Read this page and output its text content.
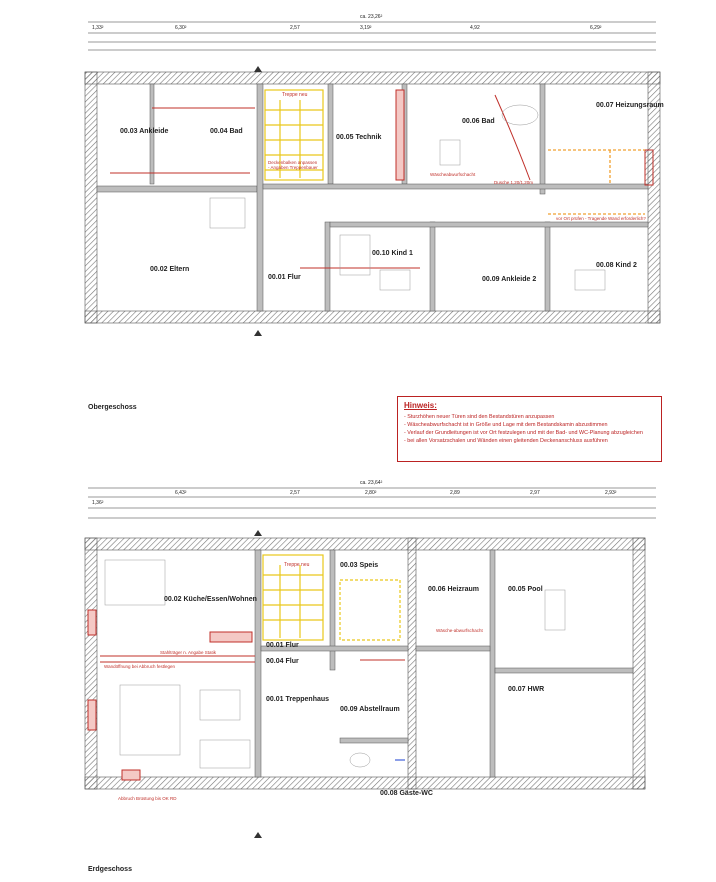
00.03 Ankleide	00.04 Bad
00.05 Technik
00.06 Bad
00.07 Heizungsraum
00.02 Eltern
00.01 Flur
00.10 Kind 1
00.09 Ankleide 2
00.08 Kind 2
00.02 Küche/Essen/Wohnen
00.01 Flur
00.03 Speis
00.06 Heizraum	00.05 Pool
00.07 HWR
00.04 Flur
00.01 Treppenhaus
00.09 Abstellraum
00.08 Gäste-WC
Treppe neu
Deckenbalken anpassen - Angaben Treppenbauer
Wäscheabwurfschacht
Dusche 1,20/1,20m
vor Ort prüfen - Tragende Wand erforderlich?
Treppe neu
Wandöffnung bei Abbruch festlegen
Wäsche-abwurfschacht
Stahlträger n. Angabe Statik
Abbruch Brüstung bis OK RD
ca. 23,26²
ca. 23,64²
1,33²	6,30²	2,57	3,19²	4,92	6,29²
1,36²
6,43²	2,57	2,80²	2,89	2,97	2,93²
Obergeschoss
Erdgeschoss
Hinweis:
- Sturzhöhen neuer Türen sind den Bestandstüren anzupassen
- Wäscheabwurfschacht ist in Größe und Lage mit dem Bestandskamin abzustimmen
- Verlauf der Grundleitungen ist vor Ort festzulegen und mit der Bad- und WC-Planung abzugleichen
- bei allen Vorsatzschalen und Wänden einen gleitenden Deckenanschluss ausführen
